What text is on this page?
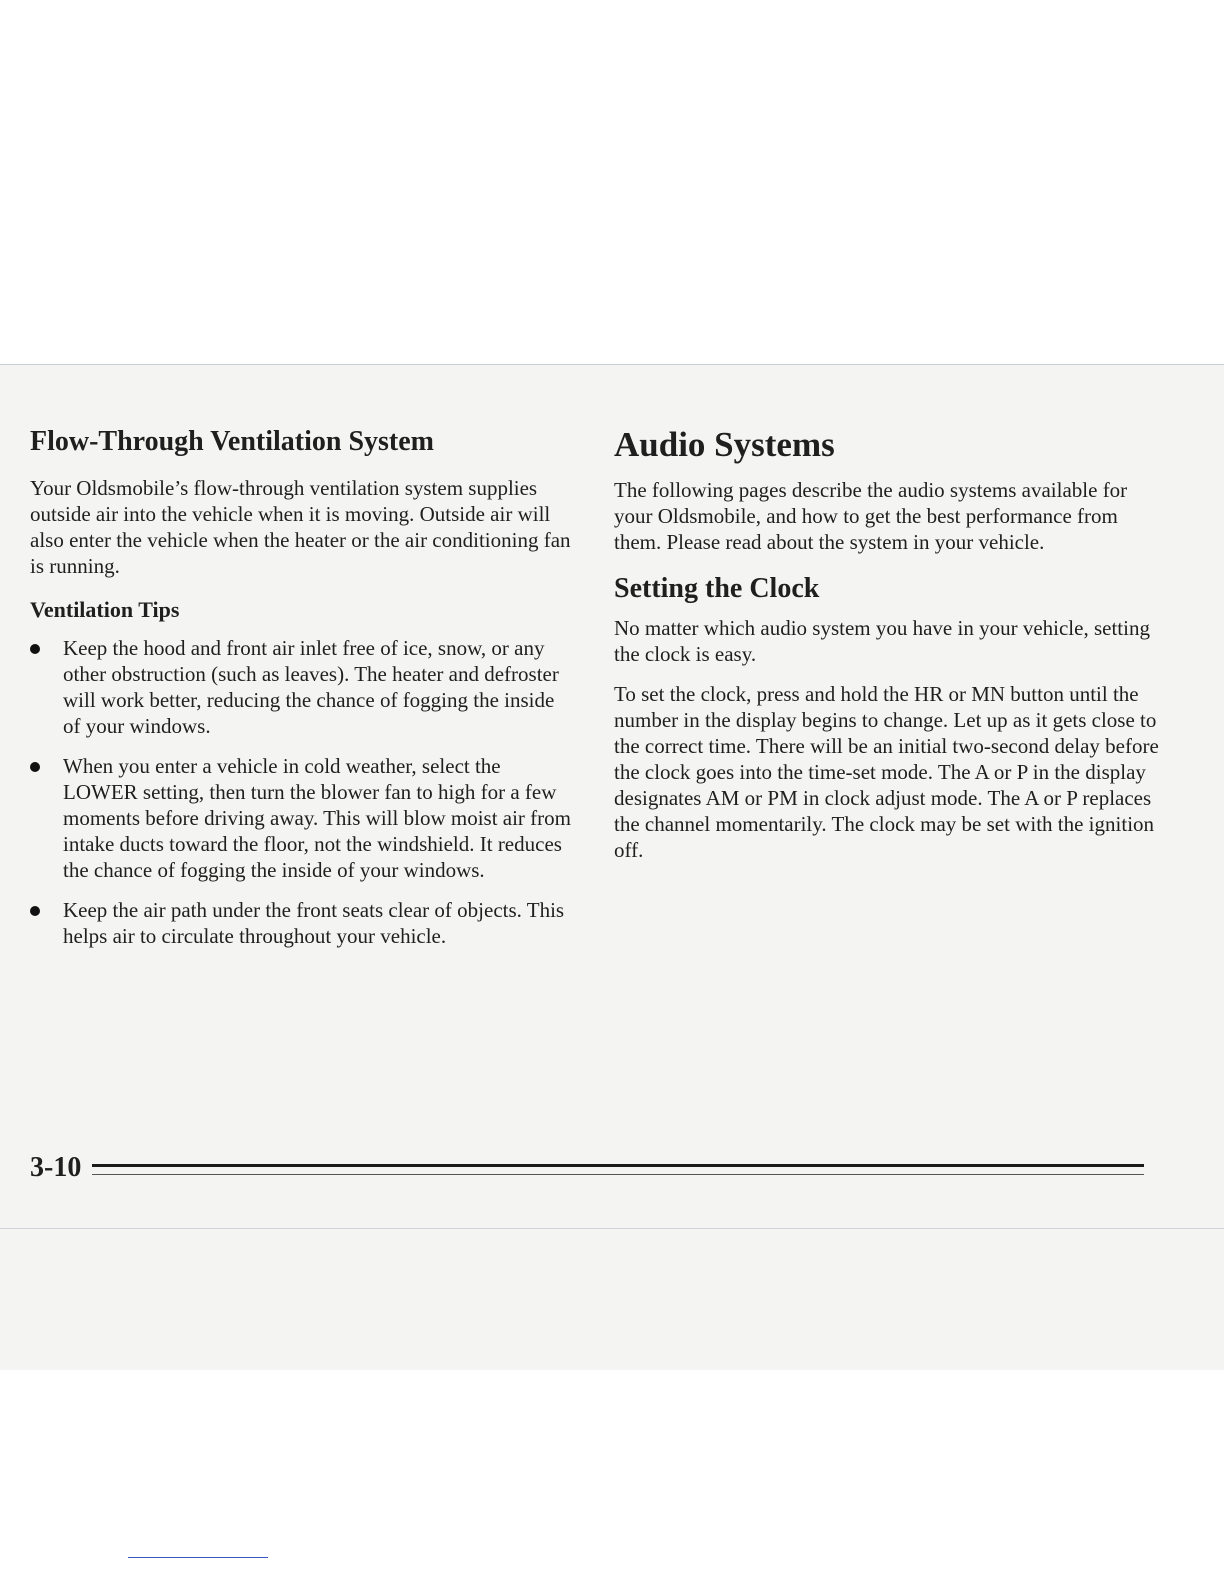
Flow-Through Ventilation System

Your Oldsmobile’s flow-through ventilation system supplies outside air into the vehicle when it is moving. Outside air will also enter the vehicle when the heater or the air conditioning fan is running.

Ventilation Tips
Keep the hood and front air inlet free of ice, snow, or any other obstruction (such as leaves). The heater and defroster will work better, reducing the chance of fogging the inside of your windows.
When you enter a vehicle in cold weather, select the LOWER setting, then turn the blower fan to high for a few moments before driving away. This will blow moist air from intake ducts toward the floor, not the windshield. It reduces the chance of fogging the inside of your windows.
Keep the air path under the front seats clear of objects. This helps air to circulate throughout your vehicle.
Audio Systems

The following pages describe the audio systems available for your Oldsmobile, and how to get the best performance from them. Please read about the system in your vehicle.

Setting the Clock

No matter which audio system you have in your vehicle, setting the clock is easy.

To set the clock, press and hold the HR or MN button until the number in the display begins to change. Let up as it gets close to the correct time. There will be an initial two-second delay before the clock goes into the time-set mode. The A or P in the display designates AM or PM in clock adjust mode. The A or P replaces the channel momentarily. The clock may be set with the ignition off.

3-10
